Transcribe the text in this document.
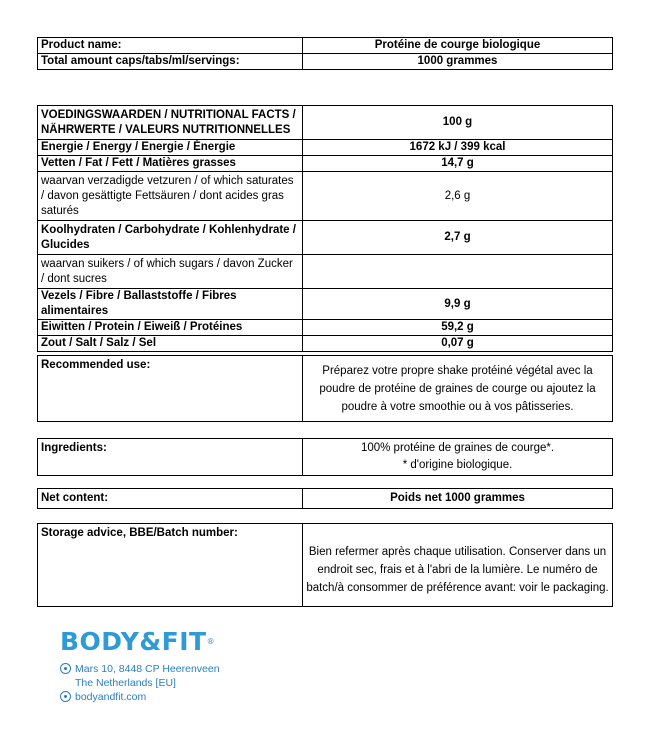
Product name:	Protéine de courge biologique
Total amount caps/tabs/ml/servings:	1000 grammes
VOEDINGSWAARDEN / NUTRITIONAL FACTS /
NÄHRWERTE / VALEURS NUTRITIONNELLES	100 g
Energie / Energy / Energie / Énergie	1672 kJ / 399 kcal
Vetten / Fat / Fett / Matières grasses	14,7 g
waarvan verzadigde vetzuren / of which saturates / davon gesättigte Fettsäuren / dont acides gras saturés	2,6 g
Koolhydraten / Carbohydrate / Kohlenhydrate / Glucides	2,7 g
waarvan suikers / of which sugars / davon Zucker / dont sucres	
Vezels / Fibre / Ballaststoffe / Fibres alimentaires	9,9 g
Eiwitten / Protein / Eiweiß / Protéines	59,2 g
Zout / Salt / Salz / Sel	0,07 g
Recommended use:	Préparez votre propre shake protéiné végétal avec la poudre de protéine de graines de courge ou ajoutez la poudre à votre smoothie ou à vos pâtisseries.
Ingredients:	100% protéine de graines de courge*.
* d'origine biologique.
Net content:	Poids net 1000 grammes
Storage advice, BBE/Batch number:	Bien refermer après chaque utilisation. Conserver dans un endroit sec, frais et à l'abri de la lumière. Le numéro de batch/à consommer de préférence avant: voir le packaging.
BODY&FIT®
Mars 10, 8448 CP Heerenveen
The Netherlands [EU]
bodyandfit.com
